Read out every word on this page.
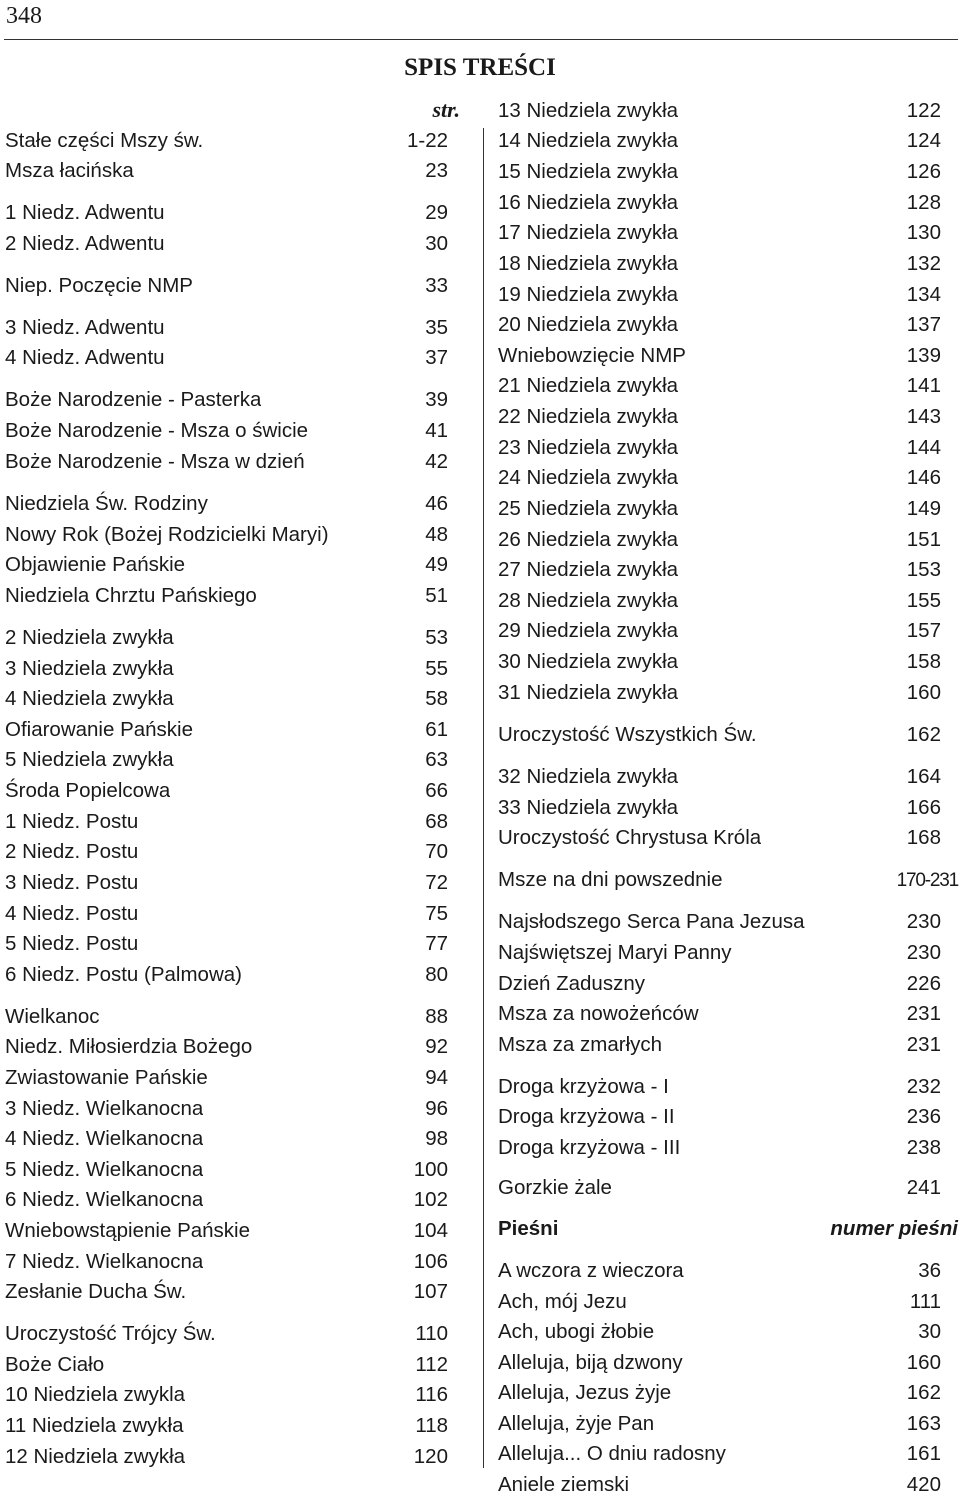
348
SPIS TREŚCI
str.
Stałe części Mszy św.	1-22
Msza łacińska	23
1 Niedz. Adwentu	29
2 Niedz. Adwentu	30
Niep. Poczęcie NMP	33
3 Niedz. Adwentu	35
4 Niedz. Adwentu	37
Boże Narodzenie - Pasterka	39
Boże Narodzenie - Msza o świcie	41
Boże Narodzenie - Msza w dzień	42
Niedziela Św. Rodziny	46
Nowy Rok (Bożej Rodzicielki Maryi)	48
Objawienie Pańskie	49
Niedziela Chrztu Pańskiego	51
2 Niedziela zwykła	53
3 Niedziela zwykła	55
4 Niedziela zwykła	58
Ofiarowanie Pańskie	61
5 Niedziela zwykła	63
Środa Popielcowa	66
1 Niedz. Postu	68
2 Niedz. Postu	70
3 Niedz. Postu	72
4 Niedz. Postu	75
5 Niedz. Postu	77
6 Niedz. Postu (Palmowa)	80
Wielkanoc	88
Niedz. Miłosierdzia Bożego	92
Zwiastowanie Pańskie	94
3 Niedz. Wielkanocna	96
4 Niedz. Wielkanocna	98
5 Niedz. Wielkanocna	100
6 Niedz. Wielkanocna	102
Wniebowstąpienie Pańskie	104
7 Niedz. Wielkanocna	106
Zesłanie Ducha Św.	107
Uroczystość Trójcy Św.	110
Boże Ciało	112
10 Niedziela zwykla	116
11 Niedziela zwykła	118
12 Niedziela zwykła	120
13 Niedziela zwykła	122
14 Niedziela zwykła	124
15 Niedziela zwykła	126
16 Niedziela zwykła	128
17 Niedziela zwykła	130
18 Niedziela zwykła	132
19 Niedziela zwykła	134
20 Niedziela zwykła	137
Wniebowzięcie NMP	139
21 Niedziela zwykła	141
22 Niedziela zwykła	143
23 Niedziela zwykła	144
24 Niedziela zwykła	146
25 Niedziela zwykła	149
26 Niedziela zwykła	151
27 Niedziela zwykła	153
28 Niedziela zwykła	155
29 Niedziela zwykła	157
30 Niedziela zwykła	158
31 Niedziela zwykła	160
Uroczystość Wszystkich Św.	162
32 Niedziela zwykła	164
33 Niedziela zwykła	166
Uroczystość Chrystusa Króla	168
Msze na dni powszednie	170-231
Najsłodszego Serca Pana Jezusa	230
Najświętszej Maryi Panny	230
Dzień Zaduszny	226
Msza za nowożeńców	231
Msza za zmarłych	231
Droga krzyżowa - I	232
Droga krzyżowa - II	236
Droga krzyżowa - III	238
Gorzkie żale	241
Pieśni	numer pieśni
A wczora z wieczora	36
Ach, mój Jezu	111
Ach, ubogi żłobie	30
Alleluja, biją dzwony	160
Alleluja, Jezus żyje	162
Alleluja, żyje Pan	163
Alleluja... O dniu radosny	161
Aniele ziemski	420
